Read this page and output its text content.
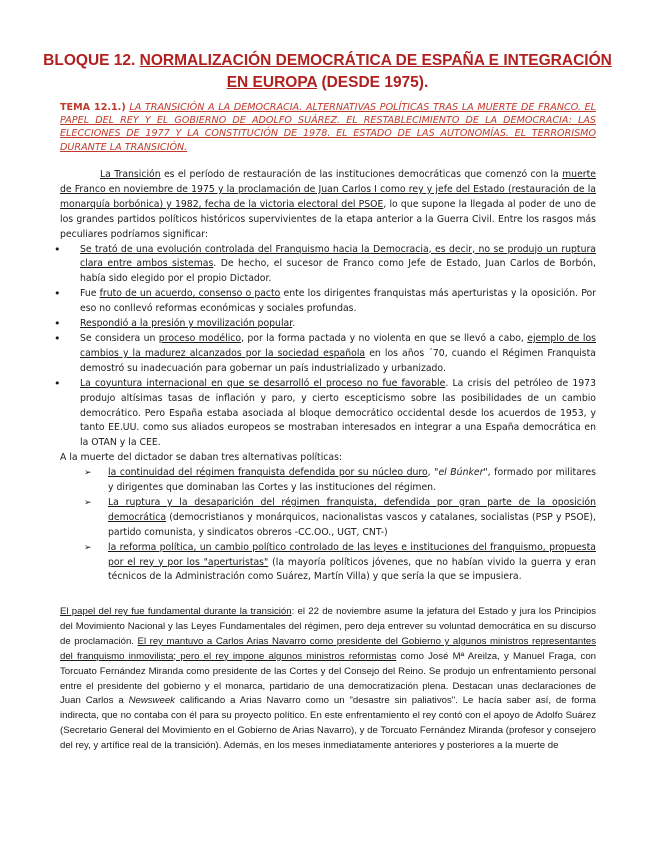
BLOQUE 12. NORMALIZACIÓN DEMOCRÁTICA DE ESPAÑA E INTEGRACIÓN EN EUROPA (DESDE 1975).
TEMA 12.1.) LA TRANSICIÓN A LA DEMOCRACIA. ALTERNATIVAS POLÍTICAS TRAS LA MUERTE DE FRANCO. EL PAPEL DEL REY Y EL GOBIERNO DE ADOLFO SUÁREZ. EL RESTABLECIMIENTO DE LA DEMOCRACIA: LAS ELECCIONES DE 1977 Y LA CONSTITUCIÓN DE 1978. EL ESTADO DE LAS AUTONOMÍAS. EL TERRORISMO DURANTE LA TRANSICIÓN.

La Transición es el período de restauración de las instituciones democráticas que comenzó con la muerte de Franco en noviembre de 1975 y la proclamación de Juan Carlos I como rey y jefe del Estado (restauración de la monarquía borbónica) y 1982, fecha de la victoria electoral del PSOE, lo que supone la llegada al poder de uno de los grandes partidos políticos históricos supervivientes de la etapa anterior a la Guerra Civil. Entre los rasgos más peculiares podríamos significar:

• Se trató de una evolución controlada del Franquismo hacia la Democracia, es decir, no se produjo un ruptura clara entre ambos sistemas. De hecho, el sucesor de Franco como Jefe de Estado, Juan Carlos de Borbón, había sido elegido por el propio Dictador.
• Fue fruto de un acuerdo, consenso o pacto ente los dirigentes franquistas más aperturistas y la oposición. Por eso no conllevó reformas económicas y sociales profundas.
• Respondió a la presión y movilización popular.
• Se considera un proceso modélico, por la forma pactada y no violenta en que se llevó a cabo, ejemplo de los cambios y la madurez alcanzados por la sociedad española en los años ´70, cuando el Régimen Franquista demostró su inadecuación para gobernar un país industrializado y urbanizado.
• La coyuntura internacional en que se desarrolló el proceso no fue favorable. La crisis del petróleo de 1973 produjo altísimas tasas de inflación y paro, y cierto escepticismo sobre las posibilidades de un cambio democrático. Pero España estaba asociada al bloque democrático occidental desde los acuerdos de 1953, y tanto EE.UU. como sus aliados europeos se mostraban interesados en integrar a una España democrática en la OTAN y la CEE.

A la muerte del dictador se daban tres alternativas políticas:

➢ la continuidad del régimen franquista defendida por su núcleo duro, "el Búnker", formado por militares y dirigentes que dominaban las Cortes y las instituciones del régimen.
➢ La ruptura y la desaparición del régimen franquista, defendida por gran parte de la oposición democrática (democristianos y monárquicos, nacionalistas vascos y catalanes, socialistas (PSP y PSOE), partido comunista, y sindicatos obreros -CC.OO., UGT, CNT-)
➢ la reforma política, un cambio político controlado de las leyes e instituciones del franquismo, propuesta por el rey y por los "aperturistas" (la mayoría políticos jóvenes, que no habían vivido la guerra y eran técnicos de la Administración como Suárez, Martín Villa) y que sería la que se impusiera.

El papel del rey fue fundamental durante la transición: el 22 de noviembre asume la jefatura del Estado y jura los Principios del Movimiento Nacional y las Leyes Fundamentales del régimen, pero deja entrever su voluntad democrática en su discurso de proclamación. El rey mantuvo a Carlos Arias Navarro como presidente del Gobierno y algunos ministros representantes del franquismo inmovilista; pero el rey impone algunos ministros reformistas como José Mª Areilza, y Manuel Fraga, con Torcuato Fernández Miranda como presidente de las Cortes y del Consejo del Reino. Se produjo un enfrentamiento personal entre el presidente del gobierno y el monarca, partidario de una democratización plena. Destacan unas declaraciones de Juan Carlos a Newsweek calificando a Arias Navarro como un "desastre sin paliativos". Le hacía saber así, de forma indirecta, que no contaba con él para su proyecto político. En este enfrentamiento el rey contó con el apoyo de Adolfo Suárez (Secretario General del Movimiento en el Gobierno de Arias Navarro), y de Torcuato Fernández Miranda (profesor y consejero del rey, y artífice real de la transición). Además, en los meses inmediatamente anteriores y posteriores a la muerte de
